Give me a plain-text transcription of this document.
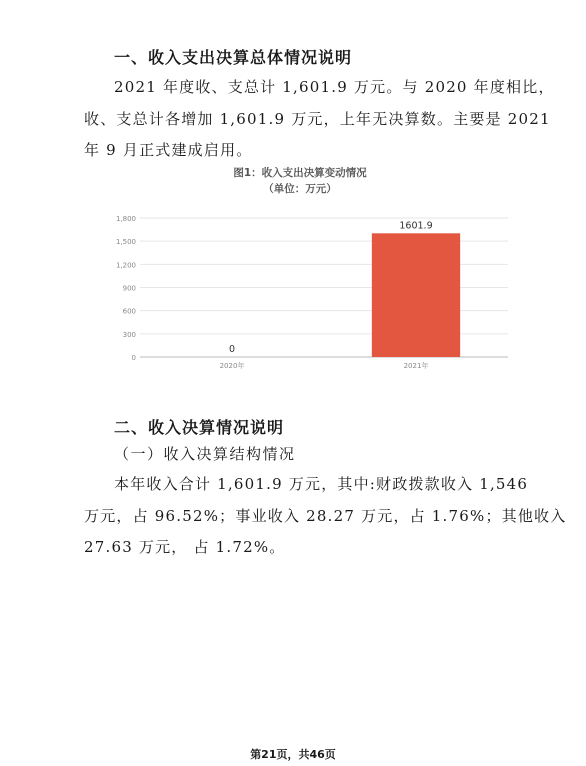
一、收入支出决算总体情况说明
2021 年度收、支总计 1,601.9 万元。与 2020 年度相比，
收、支总计各增加 1,601.9 万元，上年无决算数。主要是 2021
年 9 月正式建成启用。
图1：收入支出决算变动情况
（单位：万元）
0
300
600
900
1,200
1,500
1,800
0
1601.9
2020年	2021年
二、收入决算情况说明
（一）收入决算结构情况
本年收入合计 1,601.9 万元，其中:财政拨款收入 1,546
万元，占 96.52%；事业收入 28.27 万元，占 1.76%；其他收入
27.63 万元， 占 1.72%。
第21页，共46页
